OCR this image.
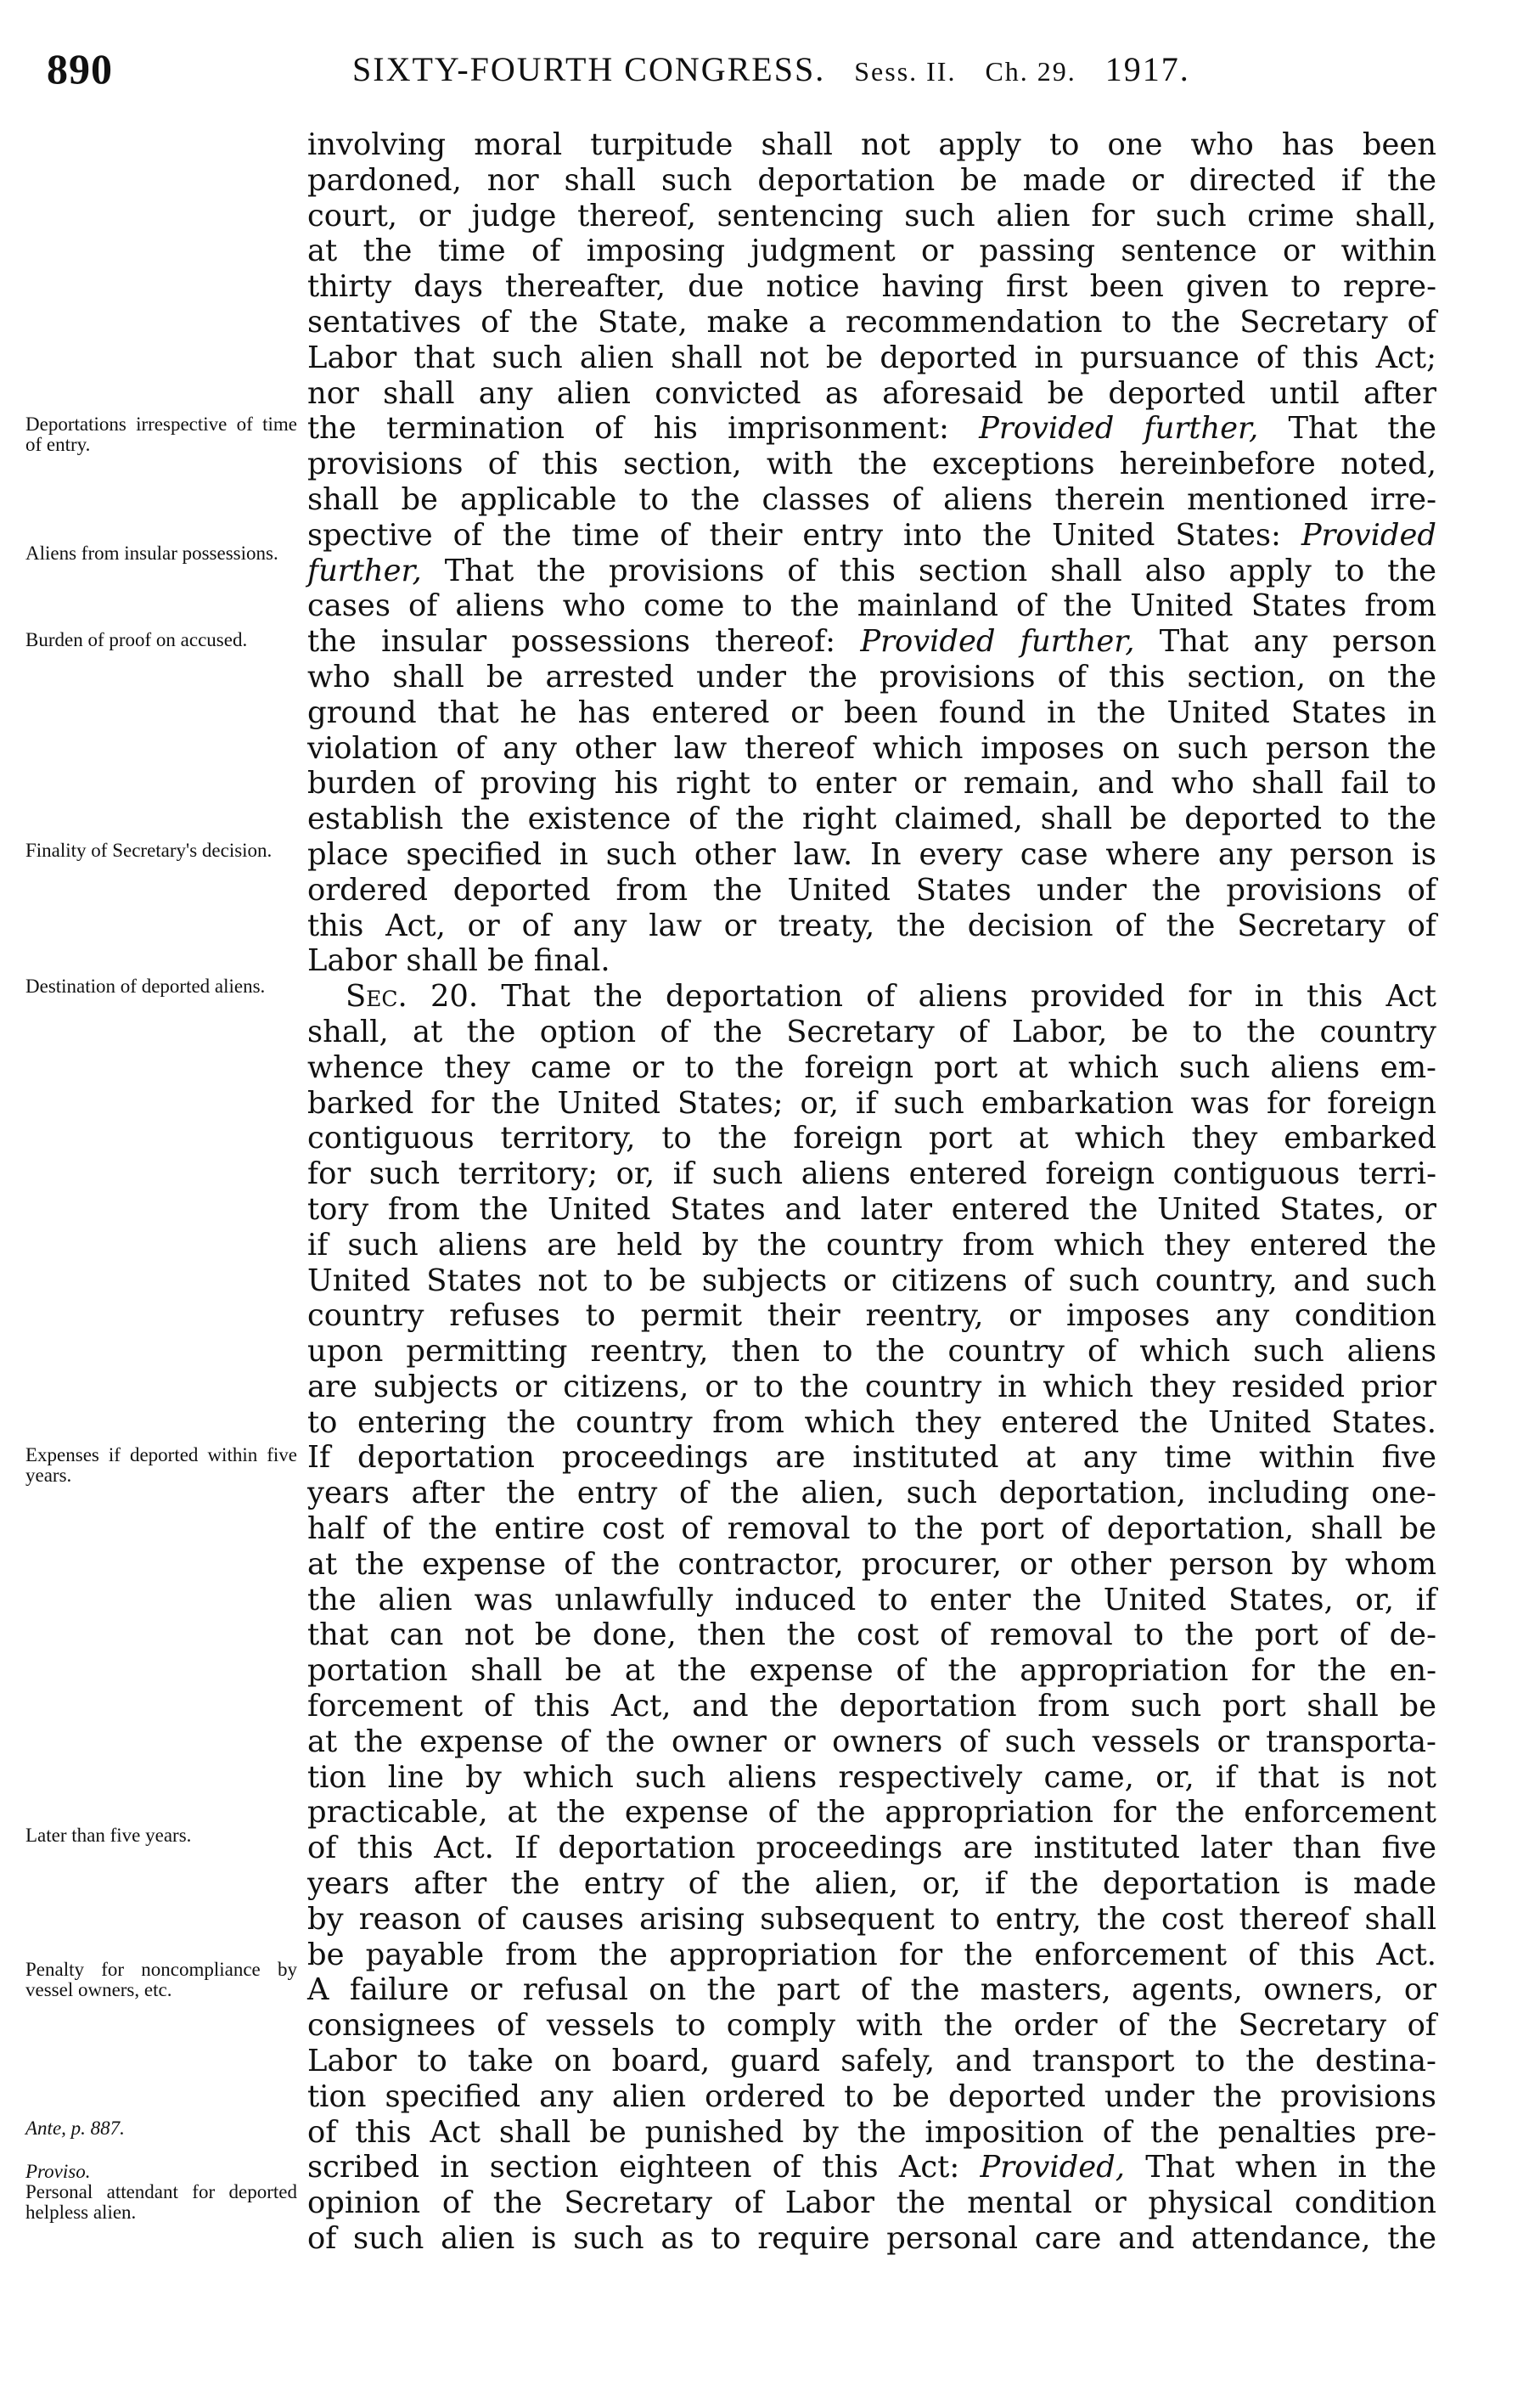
890	SIXTY-FOURTH CONGRESS. Sess. II. Ch. 29. 1917.
Deportations irrespective of time of entry.
Aliens from insular possessions.
Burden of proof on accused.
Finality of Secretary's decision.
Destination of deported aliens.
Expenses if deported within five years.
Later than five years.
Penalty for noncompliance by vessel owners, etc.
Ante, p. 887.
Proviso.
Personal attendant for deported helpless alien.
involving moral turpitude shall not apply to one who has been
pardoned, nor shall such deportation be made or directed if the
court, or judge thereof, sentencing such alien for such crime shall,
at the time of imposing judgment or passing sentence or within
thirty days thereafter, due notice having first been given to repre-
sentatives of the State, make a recommendation to the Secretary of
Labor that such alien shall not be deported in pursuance of this Act;
nor shall any alien convicted as aforesaid be deported until after
the termination of his imprisonment: Provided further, That the
provisions of this section, with the exceptions hereinbefore noted,
shall be applicable to the classes of aliens therein mentioned irre-
spective of the time of their entry into the United States: Provided
further, That the provisions of this section shall also apply to the
cases of aliens who come to the mainland of the United States from
the insular possessions thereof: Provided further, That any person
who shall be arrested under the provisions of this section, on the
ground that he has entered or been found in the United States in
violation of any other law thereof which imposes on such person the
burden of proving his right to enter or remain, and who shall fail to
establish the existence of the right claimed, shall be deported to the
place specified in such other law. In every case where any person is
ordered deported from the United States under the provisions of
this Act, or of any law or treaty, the decision of the Secretary of
Labor shall be final.
Sec. 20. That the deportation of aliens provided for in this Act
shall, at the option of the Secretary of Labor, be to the country
whence they came or to the foreign port at which such aliens em-
barked for the United States; or, if such embarkation was for foreign
contiguous territory, to the foreign port at which they embarked
for such territory; or, if such aliens entered foreign contiguous terri-
tory from the United States and later entered the United States, or
if such aliens are held by the country from which they entered the
United States not to be subjects or citizens of such country, and such
country refuses to permit their reentry, or imposes any condition
upon permitting reentry, then to the country of which such aliens
are subjects or citizens, or to the country in which they resided prior
to entering the country from which they entered the United States.
If deportation proceedings are instituted at any time within five
years after the entry of the alien, such deportation, including one-
half of the entire cost of removal to the port of deportation, shall be
at the expense of the contractor, procurer, or other person by whom
the alien was unlawfully induced to enter the United States, or, if
that can not be done, then the cost of removal to the port of de-
portation shall be at the expense of the appropriation for the en-
forcement of this Act, and the deportation from such port shall be
at the expense of the owner or owners of such vessels or transporta-
tion line by which such aliens respectively came, or, if that is not
practicable, at the expense of the appropriation for the enforcement
of this Act. If deportation proceedings are instituted later than five
years after the entry of the alien, or, if the deportation is made
by reason of causes arising subsequent to entry, the cost thereof shall
be payable from the appropriation for the enforcement of this Act.
A failure or refusal on the part of the masters, agents, owners, or
consignees of vessels to comply with the order of the Secretary of
Labor to take on board, guard safely, and transport to the destina-
tion specified any alien ordered to be deported under the provisions
of this Act shall be punished by the imposition of the penalties pre-
scribed in section eighteen of this Act: Provided, That when in the
opinion of the Secretary of Labor the mental or physical condition
of such alien is such as to require personal care and attendance, the
